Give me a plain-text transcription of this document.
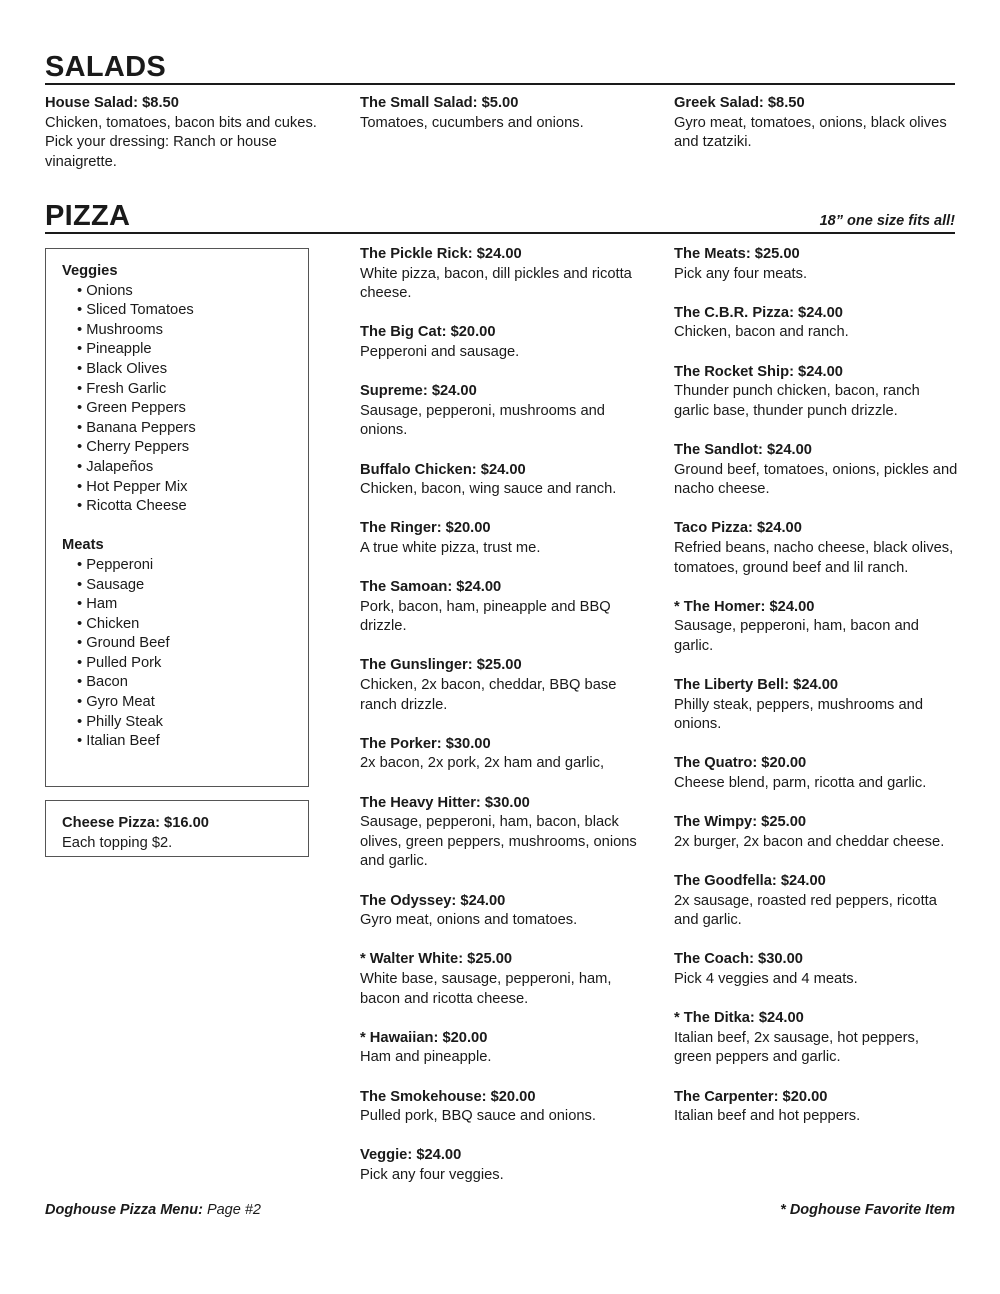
SALADS
House Salad: $8.50
Chicken, tomatoes, bacon bits and cukes. Pick your dressing: Ranch or house vinaigrette.
The Small Salad: $5.00
Tomatoes, cucumbers and onions.
Greek Salad: $8.50
Gyro meat, tomatoes, onions, black olives and tzatziki.
PIZZA	18” one size fits all!
Veggies
• Onions
• Sliced Tomatoes
• Mushrooms
• Pineapple
• Black Olives
• Fresh Garlic
• Green Peppers
• Banana Peppers
• Cherry Peppers
• Jalapeños
• Hot Pepper Mix
• Ricotta Cheese
Meats
• Pepperoni
• Sausage
• Ham
• Chicken
• Ground Beef
• Pulled Pork
• Bacon
• Gyro Meat
• Philly Steak
• Italian Beef
Cheese Pizza: $16.00
Each topping $2.
The Pickle Rick: $24.00
White pizza, bacon, dill pickles and ricotta cheese.
The Big Cat: $20.00
Pepperoni and sausage.
Supreme: $24.00
Sausage, pepperoni, mushrooms and onions.
Buffalo Chicken: $24.00
Chicken, bacon, wing sauce and ranch.
The Ringer: $20.00
A true white pizza, trust me.
The Samoan: $24.00
Pork, bacon, ham, pineapple and BBQ drizzle.
The Gunslinger: $25.00
Chicken, 2x bacon, cheddar, BBQ base ranch drizzle.
The Porker: $30.00
2x bacon, 2x pork, 2x ham and garlic,
The Heavy Hitter: $30.00
Sausage, pepperoni, ham, bacon, black olives, green peppers, mushrooms, onions and garlic.
The Odyssey: $24.00
Gyro meat, onions and tomatoes.
* Walter White: $25.00
White base, sausage, pepperoni, ham, bacon and ricotta cheese.
* Hawaiian: $20.00
Ham and pineapple.
The Smokehouse: $20.00
Pulled pork, BBQ sauce and onions.
Veggie: $24.00
Pick any four veggies.
The Meats: $25.00
Pick any four meats.
The C.B.R. Pizza: $24.00
Chicken, bacon and ranch.
The Rocket Ship: $24.00
Thunder punch chicken, bacon, ranch garlic base, thunder punch drizzle.
The Sandlot: $24.00
Ground beef, tomatoes, onions, pickles and nacho cheese.
Taco Pizza: $24.00
Refried beans, nacho cheese, black olives, tomatoes, ground beef and lil ranch.
* The Homer: $24.00
Sausage, pepperoni, ham, bacon and garlic.
The Liberty Bell: $24.00
Philly steak, peppers, mushrooms and onions.
The Quatro: $20.00
Cheese blend, parm, ricotta and garlic.
The Wimpy: $25.00
2x burger, 2x bacon and cheddar cheese.
The Goodfella: $24.00
2x sausage, roasted red peppers, ricotta and garlic.
The Coach: $30.00
Pick 4 veggies and 4 meats.
* The Ditka: $24.00
Italian beef, 2x sausage, hot peppers, green peppers and garlic.
The Carpenter: $20.00
Italian beef and hot peppers.
Doghouse Pizza Menu: Page #2	* Doghouse Favorite Item
